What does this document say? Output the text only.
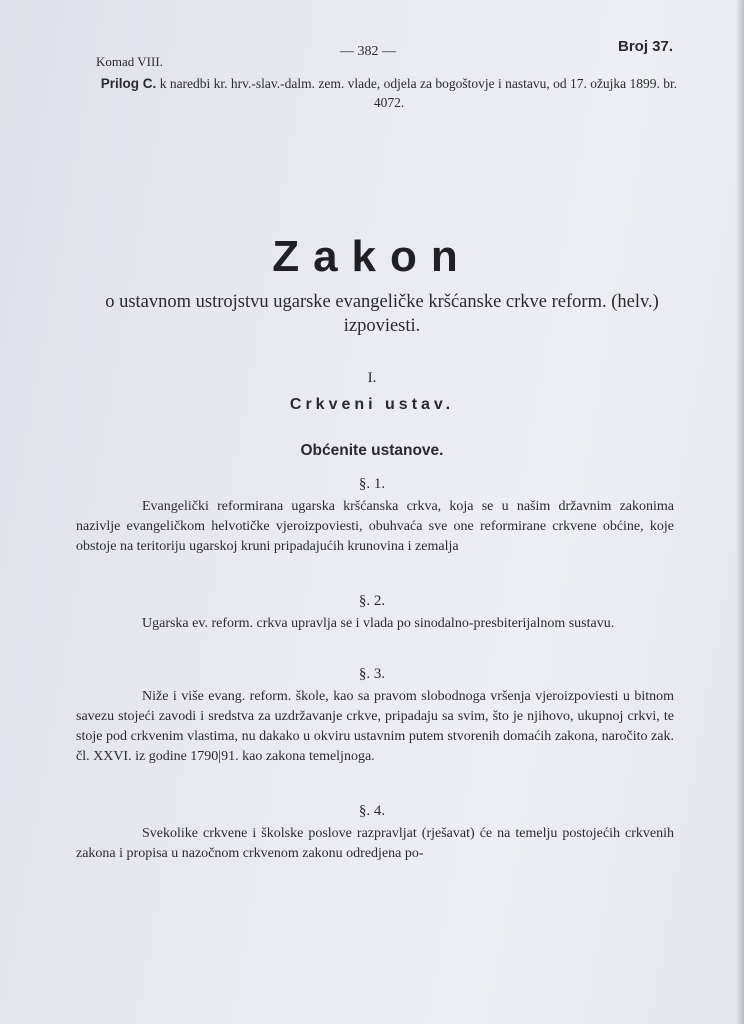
Komad VIII.
— 382 —	Broj 37.
Prilog C. k naredbi kr. hrv.-slav.-dalm. zem. vlade, odjela za bogoštovje i nastavu, od 17. ožujka 1899. br. 4072.
Zakon
o ustavnom ustrojstvu ugarske evangeličke kršćanske crkve reform. (helv.) izpoviesti.
I.
Crkveni ustav.
Obćenite ustanove.
§. 1.
Evangelički reformirana ugarska kršćanska crkva, koja se u našim državnim zakonima nazivlje evangeličkom helvotičke vjeroizpoviesti, obuhvaća sve one reformirane crkvene obćine, koje obstoje na teritoriju ugarskoj kruni pripadajućih krunovina i zemalja
§. 2.
Ugarska ev. reform. crkva upravlja se i vlada po sinodalno-presbiterijalnom sustavu.
§. 3.
Niže i više evang. reform. škole, kao sa pravom slobodnoga vršenja vjeroizpoviesti u bitnom savezu stojeći zavodi i sredstva za uzdržavanje crkve, pripadaju sa svim, što je njihovo, ukupnoj crkvi, te stoje pod crkvenim vlastima, nu dakako u okviru ustavnim putem stvorenih domaćih zakona, naročito zak. čl. XXVI. iz godine 1790|91. kao zakona temeljnoga.
§. 4.
Svekolike crkvene i školske poslove razpravljat (rješavat) će na temelju postojećih crkvenih zakona i propisa u nazočnom crkvenom zakonu odredjena po-
